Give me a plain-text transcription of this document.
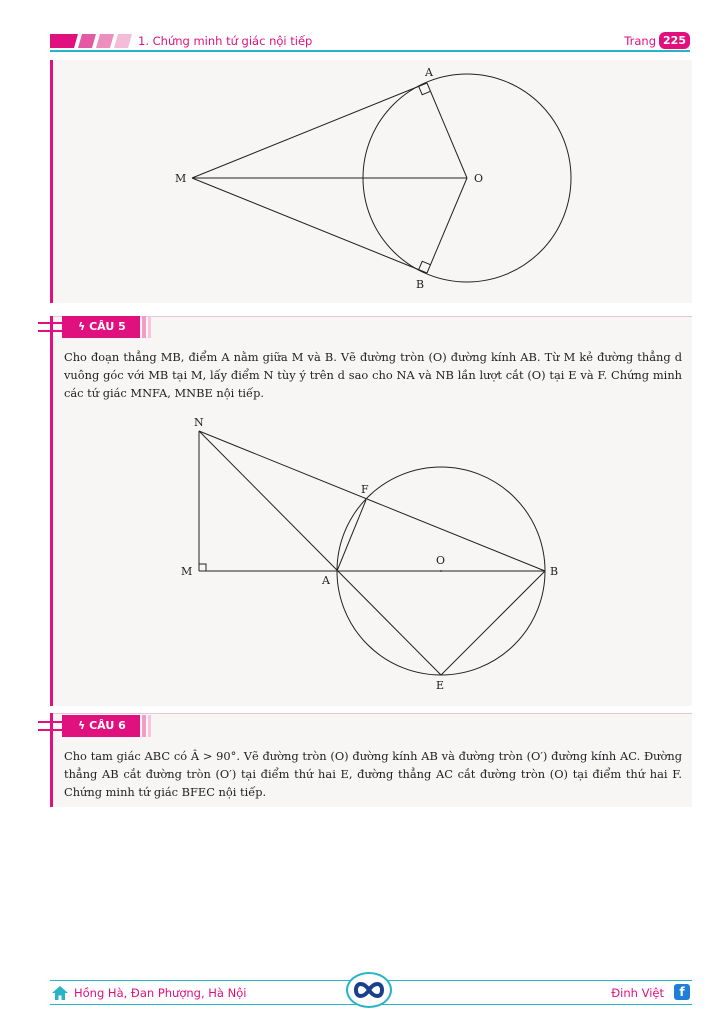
1. Chứng minh tứ giác nội tiếp	Trang 225
A
B
M	O
ϟ CÂU 5

Cho đoạn thẳng MB, điểm A nằm giữa M và B. Vẽ đường tròn (O) đường kính AB. Từ M kẻ đường thẳng d vuông góc với MB tại M, lấy điểm N tùy ý trên d sao cho NA và NB lần lượt cắt (O) tại E và F. Chứng minh các tứ giác MNFA, MNBE nội tiếp.

N
F
O
M
A
B
E
ϟ CÂU 6

Cho tam giác ABC có Â > 90°. Vẽ đường tròn (O) đường kính AB và đường tròn (O′) đường kính AC. Đường thẳng AB cắt đường tròn (O′) tại điểm thứ hai E, đường thẳng AC cắt đường tròn (O) tại điểm thứ hai F. Chứng minh tứ giác BFEC nội tiếp.

Hồng Hà, Đan Phượng, Hà Nội	Đinh Việt	f
